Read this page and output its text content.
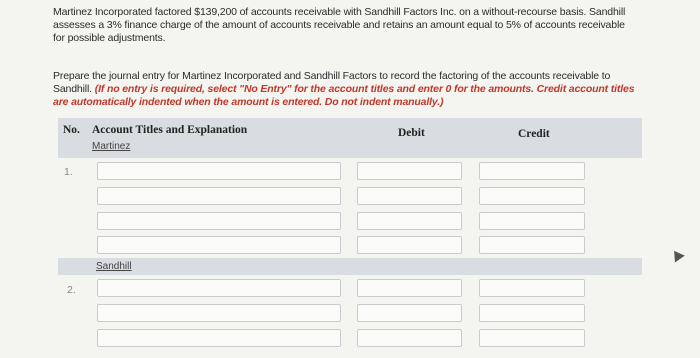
Martinez Incorporated factored $139,200 of accounts receivable with Sandhill Factors Inc. on a without-recourse basis. Sandhill assesses a 3% finance charge of the amount of accounts receivable and retains an amount equal to 5% of accounts receivable for possible adjustments.
Prepare the journal entry for Martinez Incorporated and Sandhill Factors to record the factoring of the accounts receivable to Sandhill. (If no entry is required, select "No Entry" for the account titles and enter 0 for the amounts. Credit account titles are automatically indented when the amount is entered. Do not indent manually.)
No. Account Titles and Explanation	Debit	Credit
Martinez
1.
Sandhill
2.
